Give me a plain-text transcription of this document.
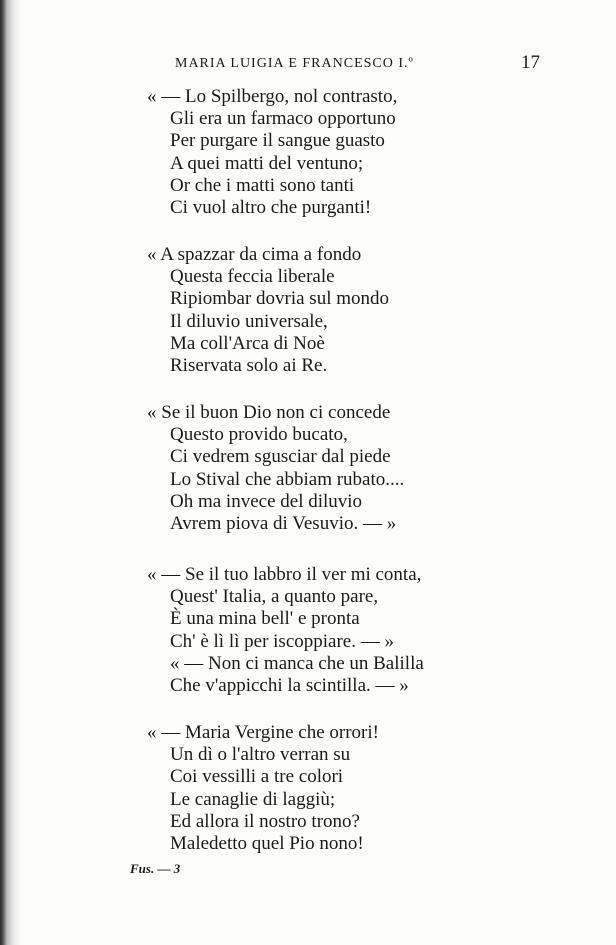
MARIA LUIGIA E FRANCESCO I.º	17
« — Lo Spilbergo, nol contrasto,
Gli era un farmaco opportuno
Per purgare il sangue guasto
A quei matti del ventuno;
Or che i matti sono tanti
Ci vuol altro che purganti!
« A spazzar da cima a fondo
Questa feccia liberale
Ripiombar dovria sul mondo
Il diluvio universale,
Ma coll'Arca di Noè
Riservata solo ai Re.
« Se il buon Dio non ci concede
Questo provido bucato,
Ci vedrem sgusciar dal piede
Lo Stival che abbiam rubato....
Oh ma invece del diluvio
Avrem piova di Vesuvio. — »
« — Se il tuo labbro il ver mi conta,
Quest' Italia, a quanto pare,
È una mina bell' e pronta
Ch' è lì lì per iscoppiare. — »
« — Non ci manca che un Balilla
Che v'appicchi la scintilla. — »
« — Maria Vergine che orrori!
Un dì o l'altro verran su
Coi vessilli a tre colori
Le canaglie di laggiù;
Ed allora il nostro trono?
Maledetto quel Pio nono!
Fus. — 3
